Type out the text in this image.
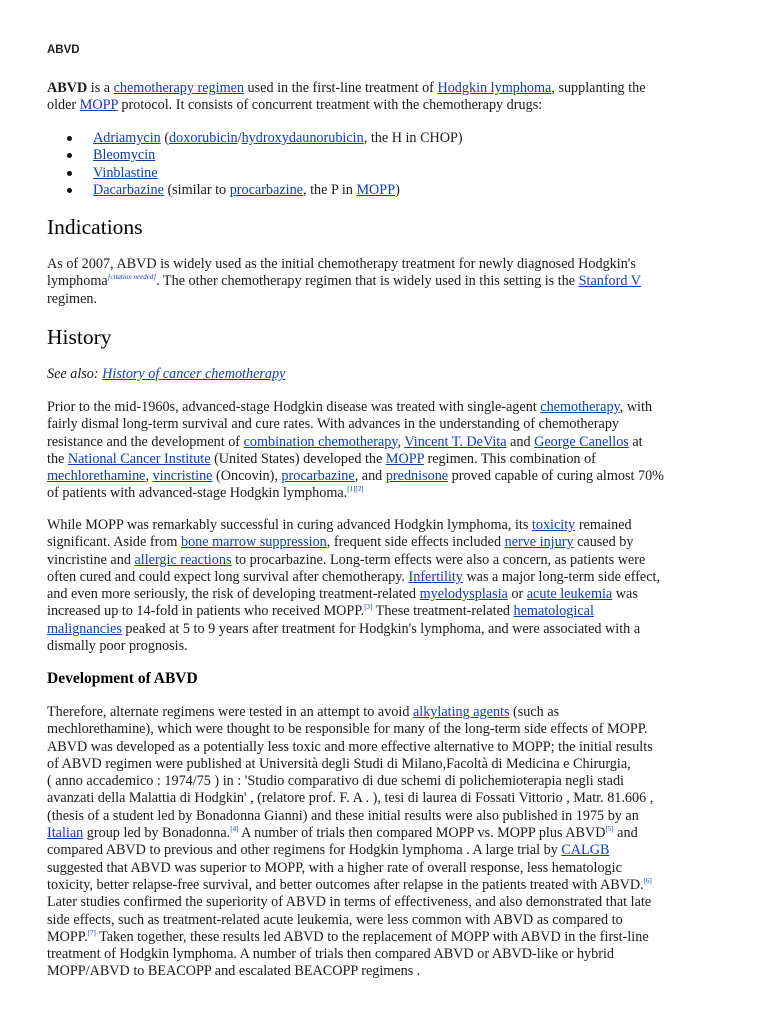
ABVD

ABVD is a chemotherapy regimen used in the first-line treatment of Hodgkin lymphoma, supplanting the
older MOPP protocol. It consists of concurrent treatment with the chemotherapy drugs:

Adriamycin (doxorubicin/hydroxydaunorubicin, the H in CHOP)
Bleomycin
Vinblastine
Dacarbazine (similar to procarbazine, the P in MOPP)
Indications

As of 2007, ABVD is widely used as the initial chemotherapy treatment for newly diagnosed Hodgkin's
lymphoma[citation needed]. The other chemotherapy regimen that is widely used in this setting is the Stanford V
regimen.

History

See also: History of cancer chemotherapy

Prior to the mid-1960s, advanced-stage Hodgkin disease was treated with single-agent chemotherapy, with
fairly dismal long-term survival and cure rates. With advances in the understanding of chemotherapy
resistance and the development of combination chemotherapy, Vincent T. DeVita and George Canellos at
the National Cancer Institute (United States) developed the MOPP regimen. This combination of
mechlorethamine, vincristine (Oncovin), procarbazine, and prednisone proved capable of curing almost 70%
of patients with advanced-stage Hodgkin lymphoma.[1][2]

While MOPP was remarkably successful in curing advanced Hodgkin lymphoma, its toxicity remained
significant. Aside from bone marrow suppression, frequent side effects included nerve injury caused by
vincristine and allergic reactions to procarbazine. Long-term effects were also a concern, as patients were
often cured and could expect long survival after chemotherapy. Infertility was a major long-term side effect,
and even more seriously, the risk of developing treatment-related myelodysplasia or acute leukemia was
increased up to 14-fold in patients who received MOPP.[3] These treatment-related hematological
malignancies peaked at 5 to 9 years after treatment for Hodgkin's lymphoma, and were associated with a
dismally poor prognosis.

Development of ABVD

Therefore, alternate regimens were tested in an attempt to avoid alkylating agents (such as
mechlorethamine), which were thought to be responsible for many of the long-term side effects of MOPP.
ABVD was developed as a potentially less toxic and more effective alternative to MOPP; the initial results
of ABVD regimen were published at Università degli Studi di Milano,Facoltà di Medicina e Chirurgia,
( anno accademico : 1974/75 ) in : 'Studio comparativo di due schemi di polichemioterapia negli stadi
avanzati della Malattia di Hodgkin' , (relatore prof. F. A . ), tesi di laurea di Fossati Vittorio , Matr. 81.606 ,
(thesis of a student led by Bonadonna Gianni) and these initial results were also published in 1975 by an
Italian group led by Bonadonna.[4] A number of trials then compared MOPP vs. MOPP plus ABVD[5] and
compared ABVD to previous and other regimens for Hodgkin lymphoma . A large trial by CALGB
suggested that ABVD was superior to MOPP, with a higher rate of overall response, less hematologic
toxicity, better relapse-free survival, and better outcomes after relapse in the patients treated with ABVD.[6]
Later studies confirmed the superiority of ABVD in terms of effectiveness, and also demonstrated that late
side effects, such as treatment-related acute leukemia, were less common with ABVD as compared to
MOPP.[7] Taken together, these results led ABVD to the replacement of MOPP with ABVD in the first-line
treatment of Hodgkin lymphoma. A number of trials then compared ABVD or ABVD-like or hybrid
MOPP/ABVD to BEACOPP and escalated BEACOPP regimens .
